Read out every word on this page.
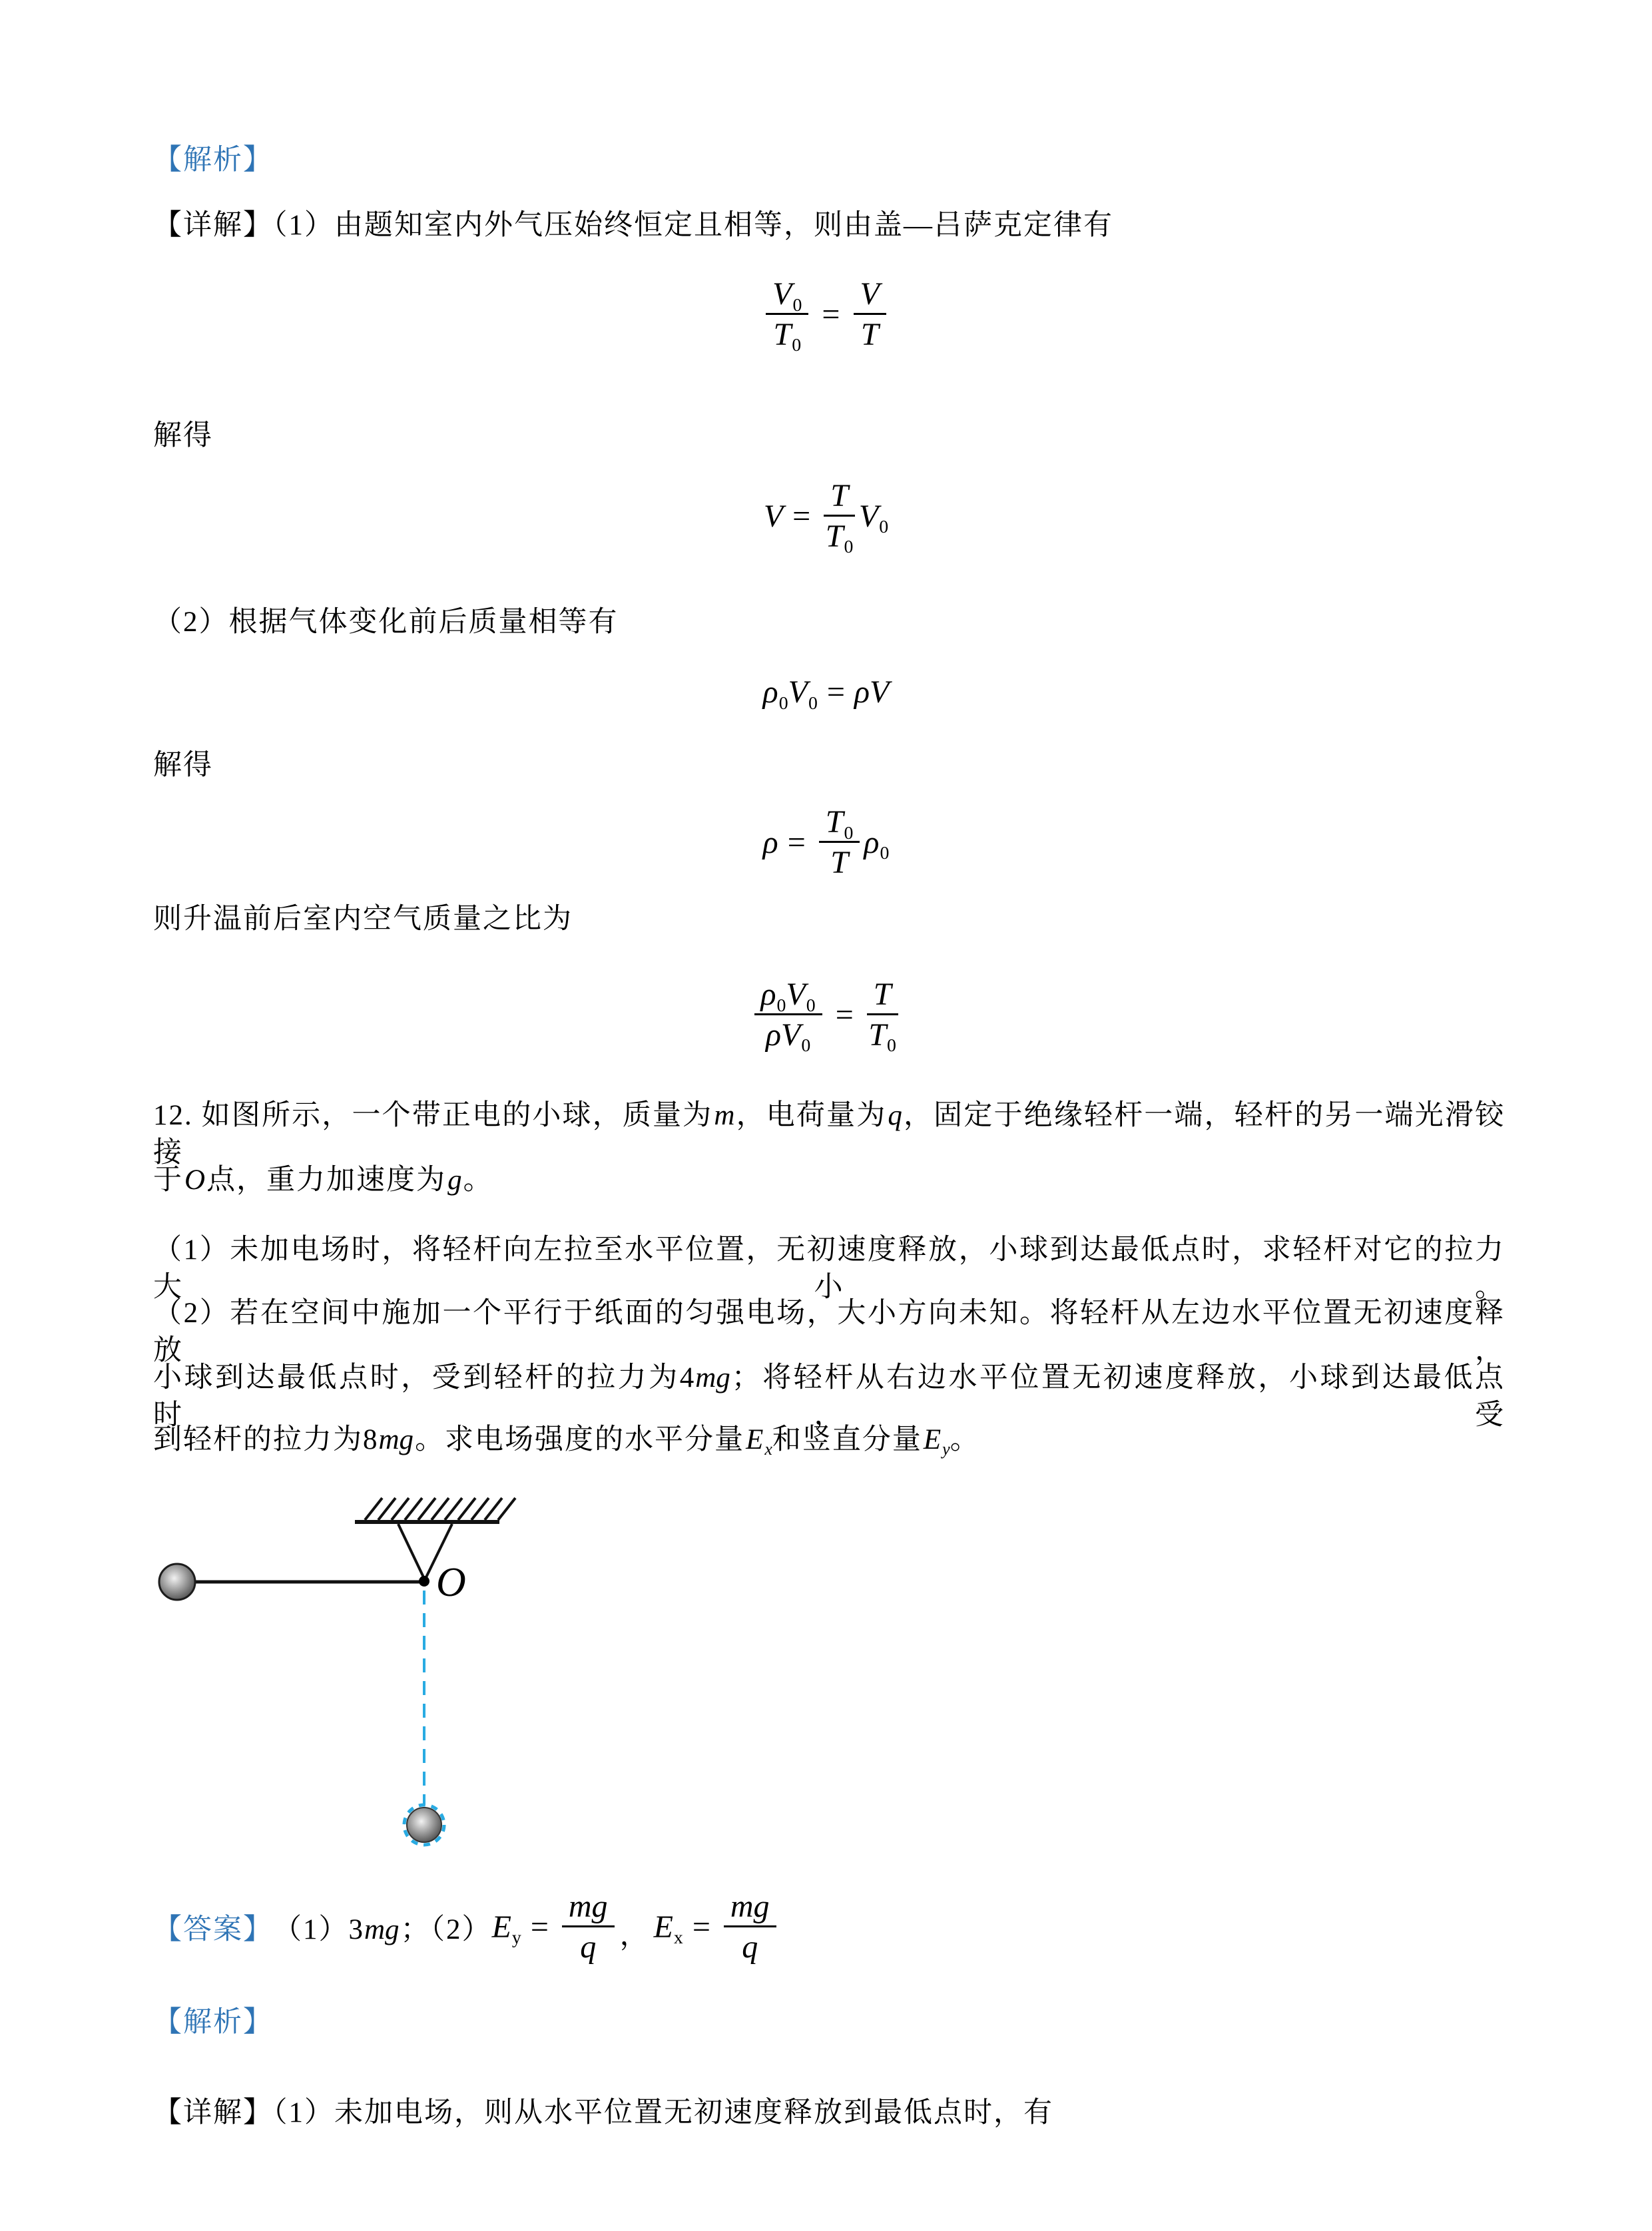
【解析】
【详解】（1）由题知室内外气压始终恒定且相等，则由盖—吕萨克定律有
$\frac{V_0}{T_0} = \frac{V}{T}$
解得
$V = \frac{T}{T_0} V_0$
（2）根据气体变化前后质量相等有
$\rho_0$ $V_0 = \rho$ V
解得
$\rho = \frac{T_0}{T} \rho_0$
则升温前后室内空气质量之比为
$\frac{\rho_0 V_0}{\rho V_0} = \frac{T}{T_0}$
12. 如图所示，一个带正电的小球，质量为m，电荷量为q，固定于绝缘轻杆一端，轻杆的另一端光滑铰接
于O点，重力加速度为g。
（1）未加电场时，将轻杆向左拉至水平位置，无初速度释放，小球到达最低点时，求轻杆对它的拉力大小。
（2）若在空间中施加一个平行于纸面的匀强电场，大小方向未知。将轻杆从左边水平位置无初速度释放，
小球到达最低点时，受到轻杆的拉力为4mg；将轻杆从右边水平位置无初速度释放，小球到达最低点时，受
到轻杆的拉力为8mg。求电场强度的水平分量$E_x$和竖直分量$E_y$。
O
【答案】 （1）3mg；（2） $E_y = \frac{mg}{q}$ ， $E_x = \frac{mg}{q}$
【解析】
【详解】（1）未加电场，则从水平位置无初速度释放到最低点时，有
